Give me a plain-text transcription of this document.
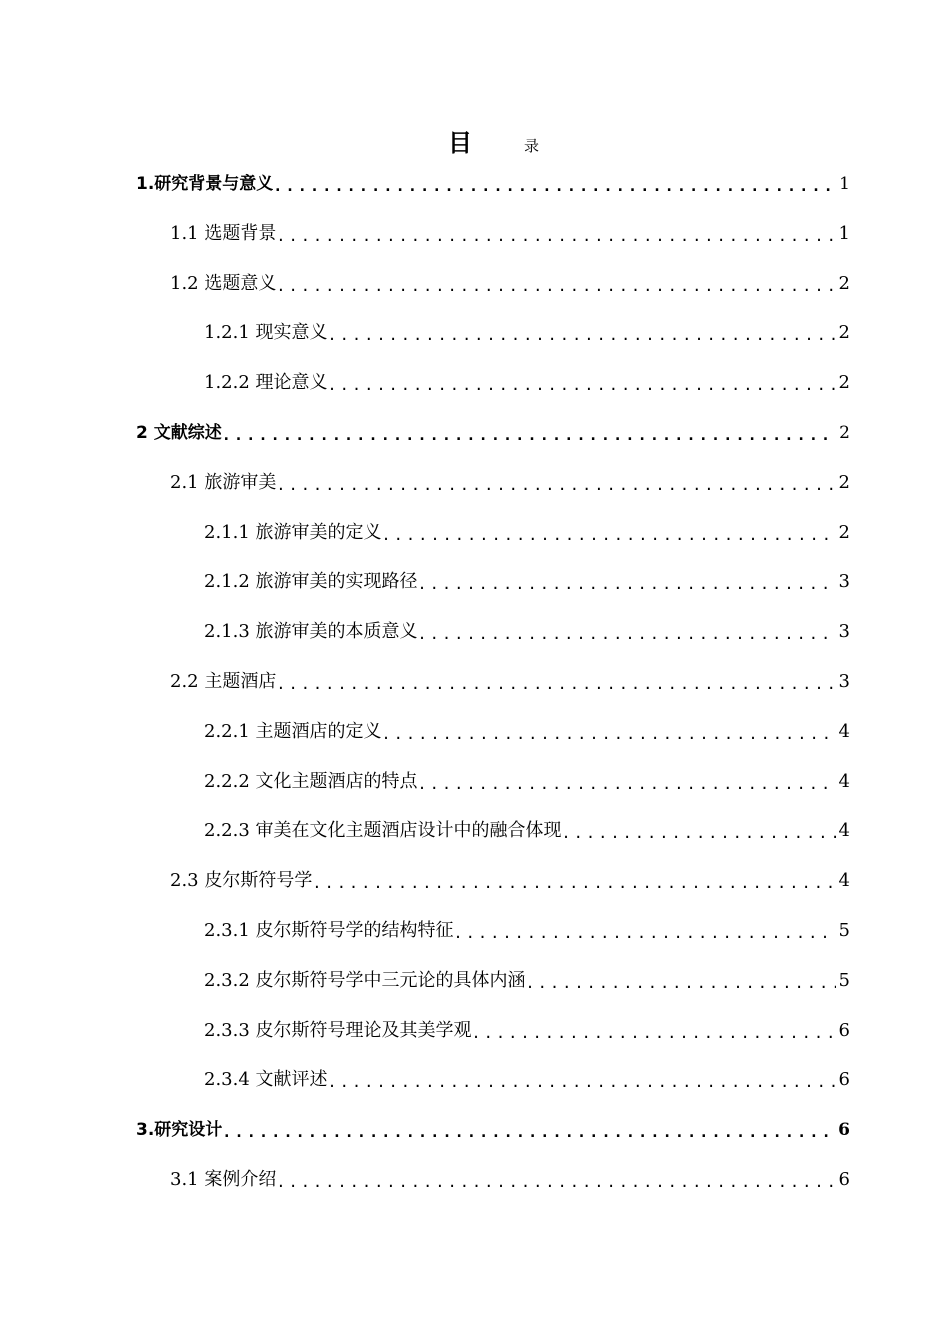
目	录
1.研究背景与意义 .....	1
1.1 选题背景 .....	1
1.2 选题意义 .....	2
1.2.1 现实意义 .....	2
1.2.2 理论意义 .....	2
2 文献综述 .....	2
2.1 旅游审美 .....	2
2.1.1 旅游审美的定义 .....	2
2.1.2 旅游审美的实现路径 .....	3
2.1.3 旅游审美的本质意义 .....	3
2.2 主题酒店 .....	3
2.2.1 主题酒店的定义 .....	4
2.2.2 文化主题酒店的特点 .....	4
2.2.3 审美在文化主题酒店设计中的融合体现 .....	4
2.3 皮尔斯符号学 .....	4
2.3.1 皮尔斯符号学的结构特征 .....	5
2.3.2 皮尔斯符号学中三元论的具体内涵 .....	5
2.3.3 皮尔斯符号理论及其美学观 .....	6
2.3.4 文献评述 .....	6
3.研究设计 .....	6
3.1 案例介绍 .....	6
